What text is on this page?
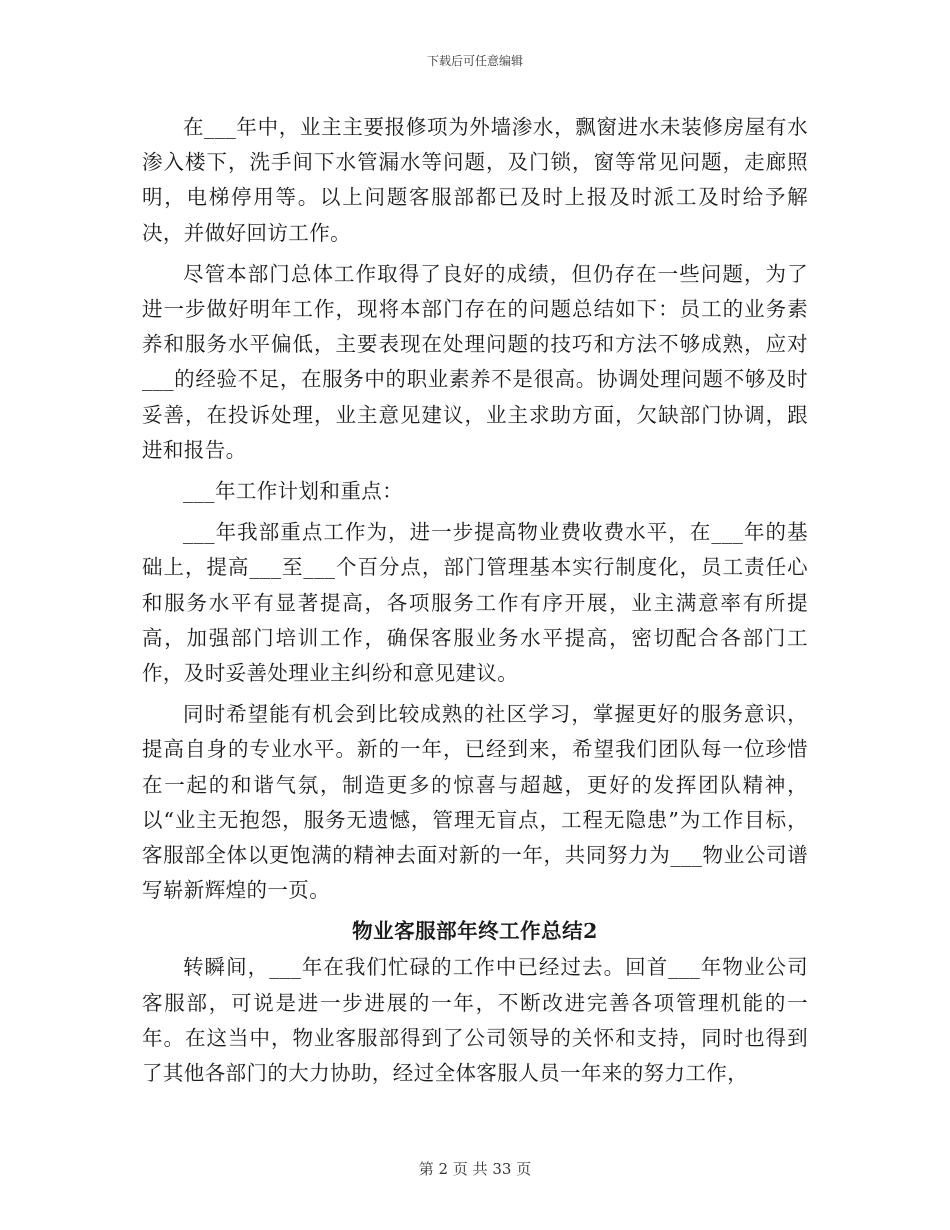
下载后可任意编辑

在___年中，业主主要报修项为外墙渗水，飘窗进水未装修房屋有水渗入楼下，洗手间下水管漏水等问题，及门锁，窗等常见问题，走廊照明，电梯停用等。以上问题客服部都已及时上报及时派工及时给予解决，并做好回访工作。

尽管本部门总体工作取得了良好的成绩，但仍存在一些问题，为了进一步做好明年工作，现将本部门存在的问题总结如下：员工的业务素养和服务水平偏低，主要表现在处理问题的技巧和方法不够成熟，应对___的经验不足，在服务中的职业素养不是很高。协调处理问题不够及时妥善，在投诉处理，业主意见建议，业主求助方面，欠缺部门协调，跟进和报告。

___年工作计划和重点：

___年我部重点工作为，进一步提高物业费收费水平，在___年的基础上，提高___至___个百分点，部门管理基本实行制度化，员工责任心和服务水平有显著提高，各项服务工作有序开展，业主满意率有所提高，加强部门培训工作，确保客服业务水平提高，密切配合各部门工作，及时妥善处理业主纠纷和意见建议。

同时希望能有机会到比较成熟的社区学习，掌握更好的服务意识，提高自身的专业水平。新的一年，已经到来，希望我们团队每一位珍惜在一起的和谐气氛，制造更多的惊喜与超越，更好的发挥团队精神，以“业主无抱怨，服务无遗憾，管理无盲点，工程无隐患”为工作目标，客服部全体以更饱满的精神去面对新的一年，共同努力为___物业公司谱写崭新辉煌的一页。

物业客服部年终工作总结2

转瞬间，___年在我们忙碌的工作中已经过去。回首___年物业公司客服部，可说是进一步进展的一年，不断改进完善各项管理机能的一年。在这当中，物业客服部得到了公司领导的关怀和支持，同时也得到了其他各部门的大力协助，经过全体客服人员一年来的努力工作，

第 2 页 共 33 页
